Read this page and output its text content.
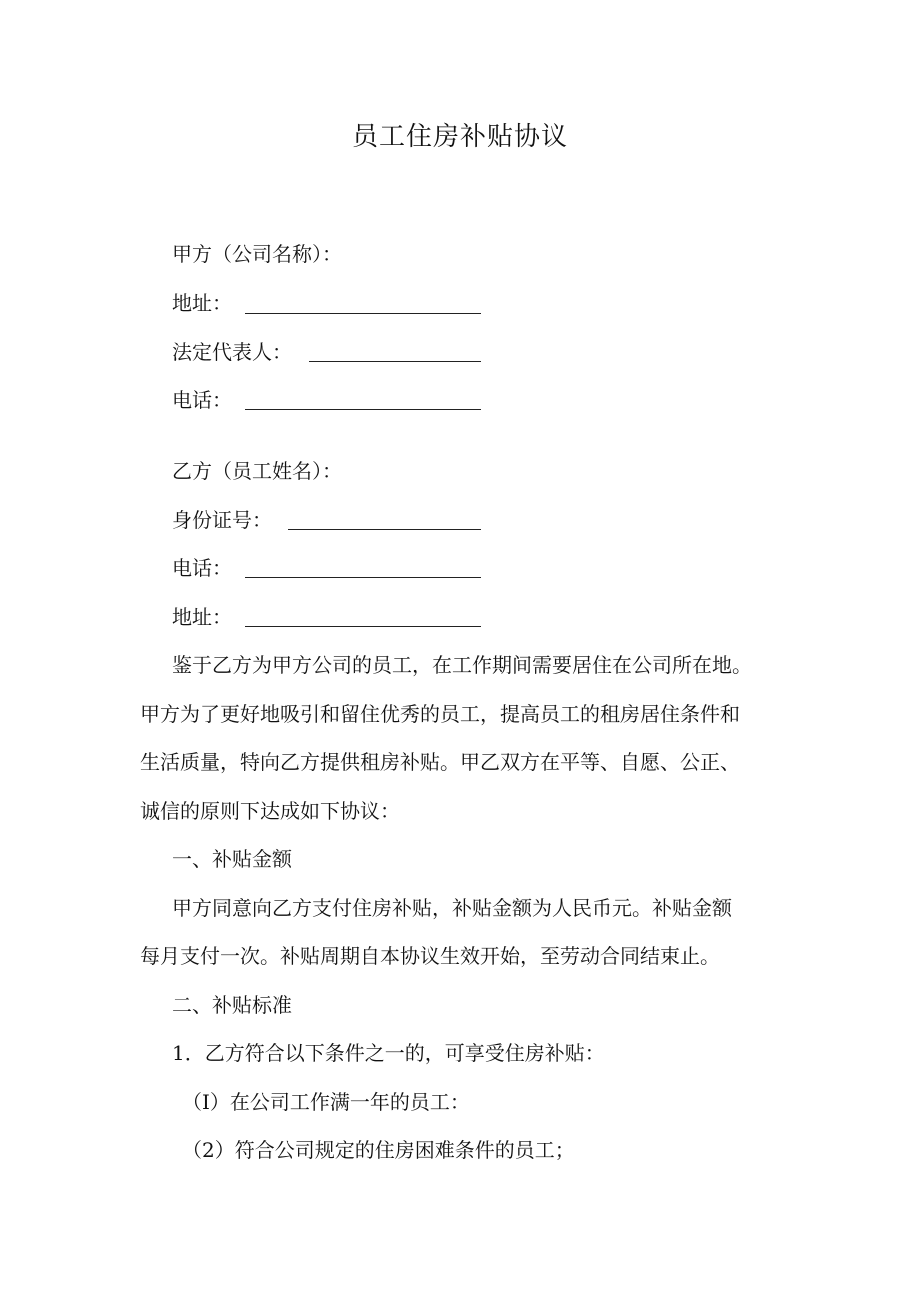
员工住房补贴协议
甲方（公司名称）：
地址：
法定代表人：
电话：
乙方（员工姓名）：
身份证号：
电话：
地址：
鉴于乙方为甲方公司的员工，在工作期间需要居住在公司所在地。
甲方为了更好地吸引和留住优秀的员工，提高员工的租房居住条件和
生活质量，特向乙方提供租房补贴。甲乙双方在平等、自愿、公正、
诚信的原则下达成如下协议：
一、补贴金额
甲方同意向乙方支付住房补贴，补贴金额为人民币元。补贴金额
每月支付一次。补贴周期自本协议生效开始，至劳动合同结束止。
二、补贴标准
1．乙方符合以下条件之一的，可享受住房补贴：
（I）在公司工作满一年的员工：
（2）符合公司规定的住房困难条件的员工；
